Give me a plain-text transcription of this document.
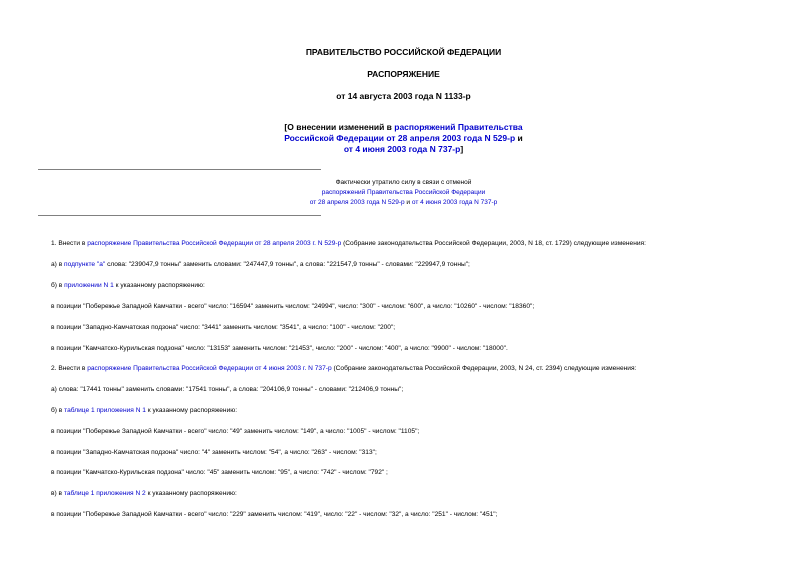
ПРАВИТЕЛЬСТВО РОССИЙСКОЙ ФЕДЕРАЦИИ
РАСПОРЯЖЕНИЕ
от 14 августа 2003 года N 1133-р
[О внесении изменений в распоряжений Правительства
Российской Федерации от 28 апреля 2003 года N 529-р и
от 4 июня 2003 года N 737-р]
Фактически утратило силу в связи с отменой
распоряжений Правительства Российской Федерации
от 28 апреля 2003 года N 529-р и от 4 июня 2003 года N 737-р
1. Внести в распоряжение Правительства Российской Федерации от 28 апреля 2003 г. N 529-р (Собрание законодательства Российской Федерации, 2003, N 18, ст. 1729) следующие изменения:
а) в подпункте "а" слова: "239047,9 тонны" заменить словами: "247447,9 тонны", а слова: "221547,9 тонны" - словами: "229947,9 тонны";
б) в приложении N 1 к указанному распоряжению:
в позиции "Побережье Западной Камчатки - всего" число: "16594" заменить числом: "24994", число: "300" - числом: "600", а число: "10260" - числом: "18360";
в позиции "Западно-Камчатская подзона" число: "3441" заменить числом: "3541", а число: "100" - числом: "200";
в позиции "Камчатско-Курильская подзона" число: "13153" заменить числом: "21453", число: "200" - числом: "400", а число: "9900" - числом: "18000".
2. Внести в распоряжение Правительства Российской Федерации от 4 июня 2003 г. N 737-р (Собрание законодательства Российской Федерации, 2003, N 24, ст. 2394) следующие изменения:
а) слова: "17441 тонны" заменить словами: "17541 тонны", а слова: "204106,9 тонны" - словами: "212406,9 тонны";
б) в таблице 1 приложения N 1 к указанному распоряжению:
в позиции "Побережье Западной Камчатки - всего" число: "49" заменить числом: "149", а число: "1005" - числом: "1105";
в позиции "Западно-Камчатская подзона" число: "4" заменить числом: "54", а число: "263" - числом: "313";
в позиции "Камчатско-Курильская подзона" число: "45" заменить числом: "95", а число: "742" - числом: "792" ;
в) в таблице 1 приложения N 2 к указанному распоряжению:
в позиции "Побережье Западной Камчатки - всего" число: "229" заменить числом: "419", число: "22" - числом: "32", а число: "251" - числом: "451";
